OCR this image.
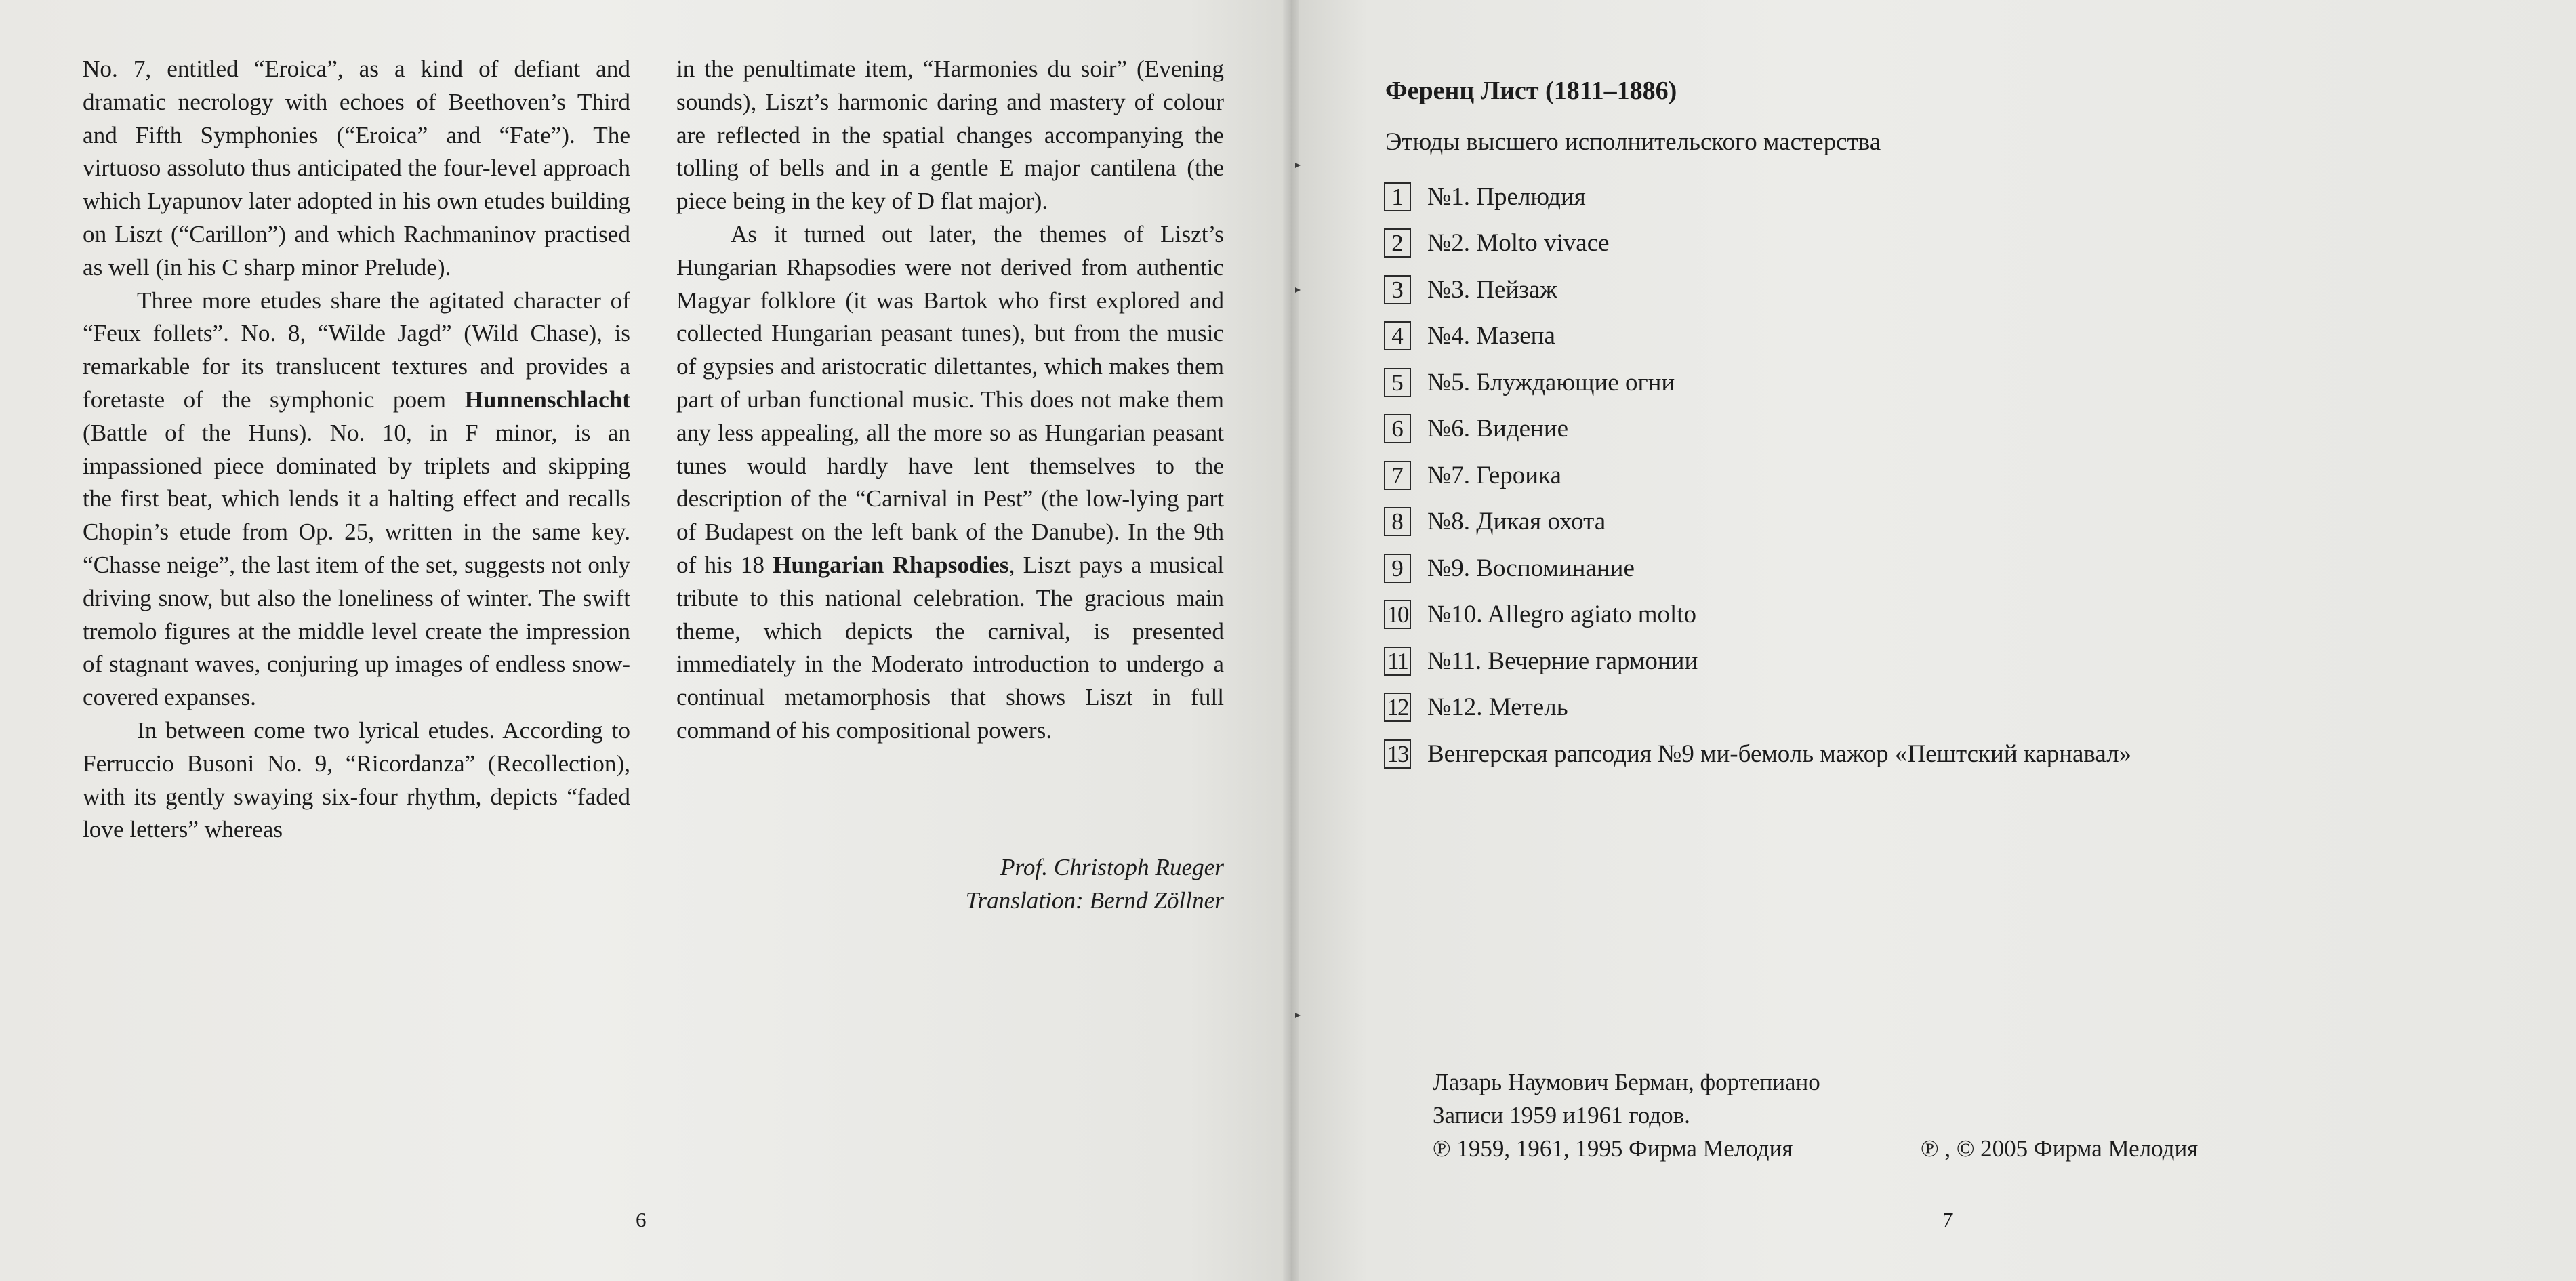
No. 7, entitled “Eroica”, as a kind of defiant and dramatic necrology with echoes of Beethoven’s Third and Fifth Symphonies (“Eroica” and “Fate”). The virtuoso assoluto thus anticipated the four-level approach which Lyapunov later adopted in his own etudes building on Liszt (“Carillon”) and which Rachmaninov practised as well (in his C sharp minor Prelude).

Three more etudes share the agitated character of “Feux follets”. No. 8, “Wilde Jagd” (Wild Chase), is remarkable for its translucent textures and provides a foretaste of the symphonic poem Hunnenschlacht (Battle of the Huns). No. 10, in F minor, is an impassioned piece dominated by triplets and skipping the first beat, which lends it a halting effect and recalls Chopin’s etude from Op. 25, written in the same key. “Chasse neige”, the last item of the set, suggests not only driving snow, but also the loneliness of winter. The swift tremolo figures at the middle level create the impression of stagnant waves, conjuring up images of endless snow-covered expanses.

In between come two lyrical etudes. According to Ferruccio Busoni No. 9, “Ricordanza” (Recollection), with its gently swaying six-four rhythm, depicts “faded love letters” whereas

in the penultimate item, “Harmonies du soir” (Evening sounds), Liszt’s harmonic daring and mastery of colour are reflected in the spatial changes accompanying the tolling of bells and in a gentle E major cantilena (the piece being in the key of D flat major).

As it turned out later, the themes of Liszt’s Hungarian Rhapsodies were not derived from authentic Magyar folklore (it was Bartok who first explored and collected Hungarian peasant tunes), but from the music of gypsies and aristocratic dilettantes, which makes them part of urban functional music. This does not make them any less appealing, all the more so as Hungarian peasant tunes would hardly have lent themselves to the description of the “Carnival in Pest” (the low-lying part of Budapest on the left bank of the Danube). In the 9th of his 18 Hungarian Rhapsodies, Liszt pays a musical tribute to this national celebration. The gracious main theme, which depicts the carnival, is presented immediately in the Moderato introduction to undergo a continual metamorphosis that shows Liszt in full command of his compositional powers.

Prof. Christoph Rueger
Translation: Bernd Zöllner
6
Ференц Лист (1811–1886)
Этюды высшего исполнительского мастерства
1 №1. Прелюдия
2 №2. Molto vivace
3 №3. Пейзаж
4 №4. Мазепа
5 №5. Блуждающие огни
6 №6. Видение
7 №7. Героика
8 №8. Дикая охота
9 №9. Воспоминание
10 №10. Allegro agiato molto
11 №11. Вечерние гармонии
12 №12. Метель
13 Венгерская рапсодия №9 ми-бемоль мажор «Пештский карнавал»
Лазарь Наумович Берман, фортепиано
Записи 1959 и1961 годов.
℗ 1959, 1961, 1995 Фирма Мелодия	℗ , © 2005 Фирма Мелодия
7
